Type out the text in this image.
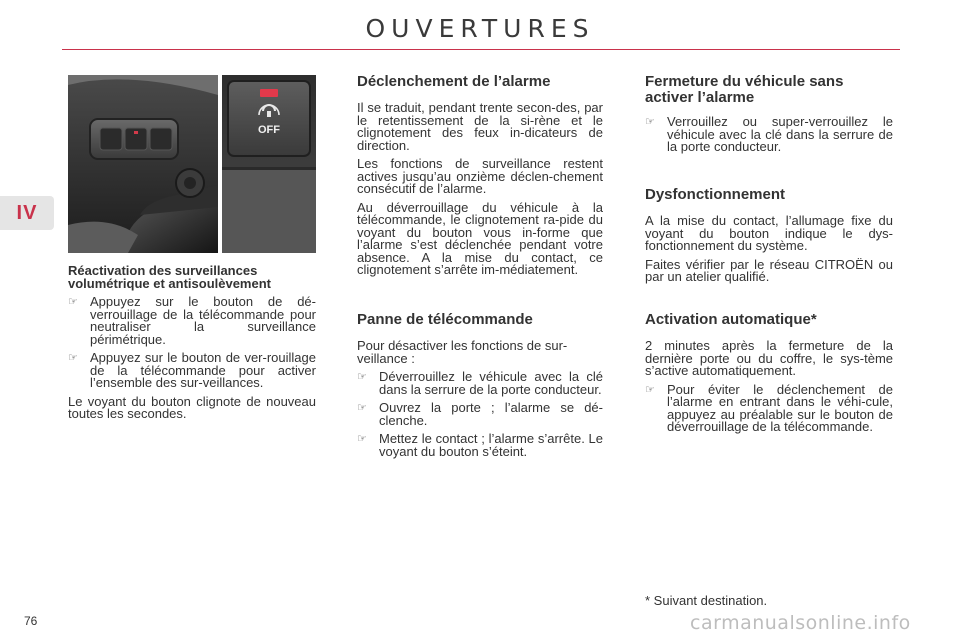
OUVERTURES
IV
OFF
Réactivation des surveillances volumétrique et antisoulèvement
☞ Appuyez sur le bouton de dé-verrouillage de la télécommande pour neutraliser la surveillance périmétrique.
☞ Appuyez sur le bouton de ver-rouillage de la télécommande pour activer l’ensemble des sur-veillances.

Le voyant du bouton clignote de nouveau toutes les secondes.

Déclenchement de l’alarme

Il se traduit, pendant trente secon-des, par le retentissement de la si-rène et le clignotement des feux in-dicateurs de direction.

Les fonctions de surveillance restent actives jusqu’au onzième déclen-chement consécutif de l’alarme.

Au déverrouillage du véhicule à la télécommande, le clignotement ra-pide du voyant du bouton vous in-forme que l’alarme s’est déclenchée pendant votre absence. A la mise du contact, ce clignotement s’arrête im-médiatement.

Panne de télécommande

Pour désactiver les fonctions de sur-veillance :

☞ Déverrouillez le véhicule avec la clé dans la serrure de la porte conducteur.
☞ Ouvrez la porte ; l’alarme se dé-clenche.
☞ Mettez le contact ; l’alarme s’arrête. Le voyant du bouton s’éteint.
Fermeture du véhicule sans activer l’alarme
☞ Verrouillez ou super-verrouillez le véhicule avec la clé dans la serrure de la porte conducteur.
Dysfonctionnement

A la mise du contact, l’allumage fixe du voyant du bouton indique le dys-fonctionnement du système.

Faites vérifier par le réseau CITROËN ou par un atelier qualifié.

Activation automatique*

2 minutes après la fermeture de la dernière porte ou du coffre, le sys-tème s’active automatiquement.

☞ Pour éviter le déclenchement de l’alarme en entrant dans le véhi-cule, appuyez au préalable sur le bouton de déverrouillage de la télécommande.
* Suivant destination.
76	carmanualsonline.info
